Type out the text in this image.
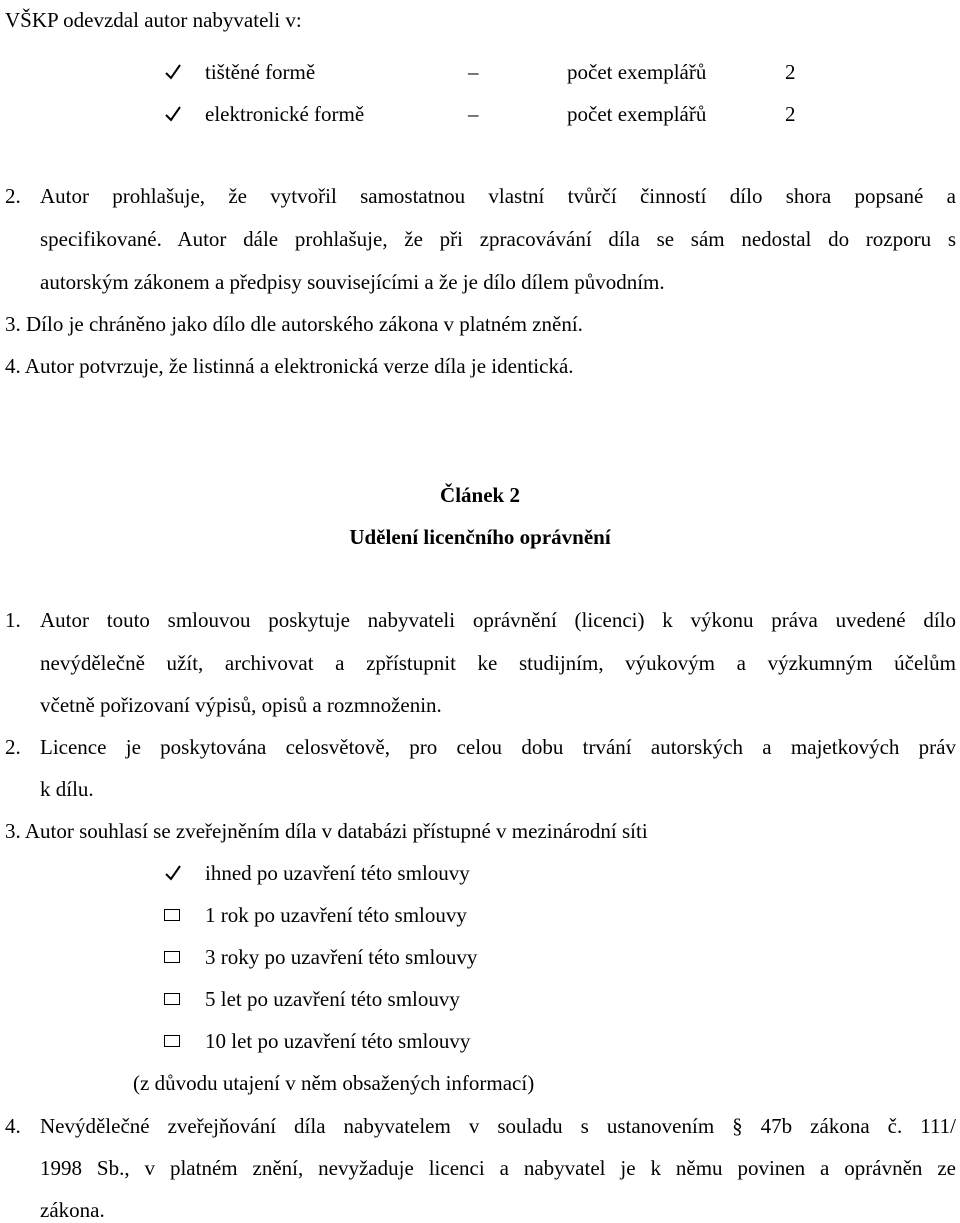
VŠKP odevzdal autor nabyvateli v:
tištěné formě	–	počet exemplářů	2
elektronické formě	–	počet exemplářů	2
2. Autor prohlašuje, že vytvořil samostatnou vlastní tvůrčí činností dílo shora popsané a
specifikované. Autor dále prohlašuje, že při zpracovávání díla se sám nedostal do rozporu s
autorským zákonem a předpisy souvisejícími a že je dílo dílem původním.
3. Dílo je chráněno jako dílo dle autorského zákona v platném znění.
4. Autor potvrzuje, že listinná a elektronická verze díla je identická.
Článek 2
Udělení licenčního oprávnění
1. Autor touto smlouvou poskytuje nabyvateli oprávnění (licenci) k výkonu práva uvedené dílo
nevýdělečně užít, archivovat a zpřístupnit ke studijním, výukovým a výzkumným účelům
včetně pořizovaní výpisů, opisů a rozmnoženin.
2. Licence je poskytována celosvětově, pro celou dobu trvání autorských a majetkových práv
k dílu.
3. Autor souhlasí se zveřejněním díla v databázi přístupné v mezinárodní síti
ihned po uzavření této smlouvy
1 rok po uzavření této smlouvy
3 roky po uzavření této smlouvy
5 let po uzavření této smlouvy
10 let po uzavření této smlouvy
(z důvodu utajení v něm obsažených informací)
4. Nevýdělečné zveřejňování díla nabyvatelem v souladu s ustanovením § 47b zákona č. 111/
1998 Sb., v platném znění, nevyžaduje licenci a nabyvatel je k němu povinen a oprávněn ze
zákona.
